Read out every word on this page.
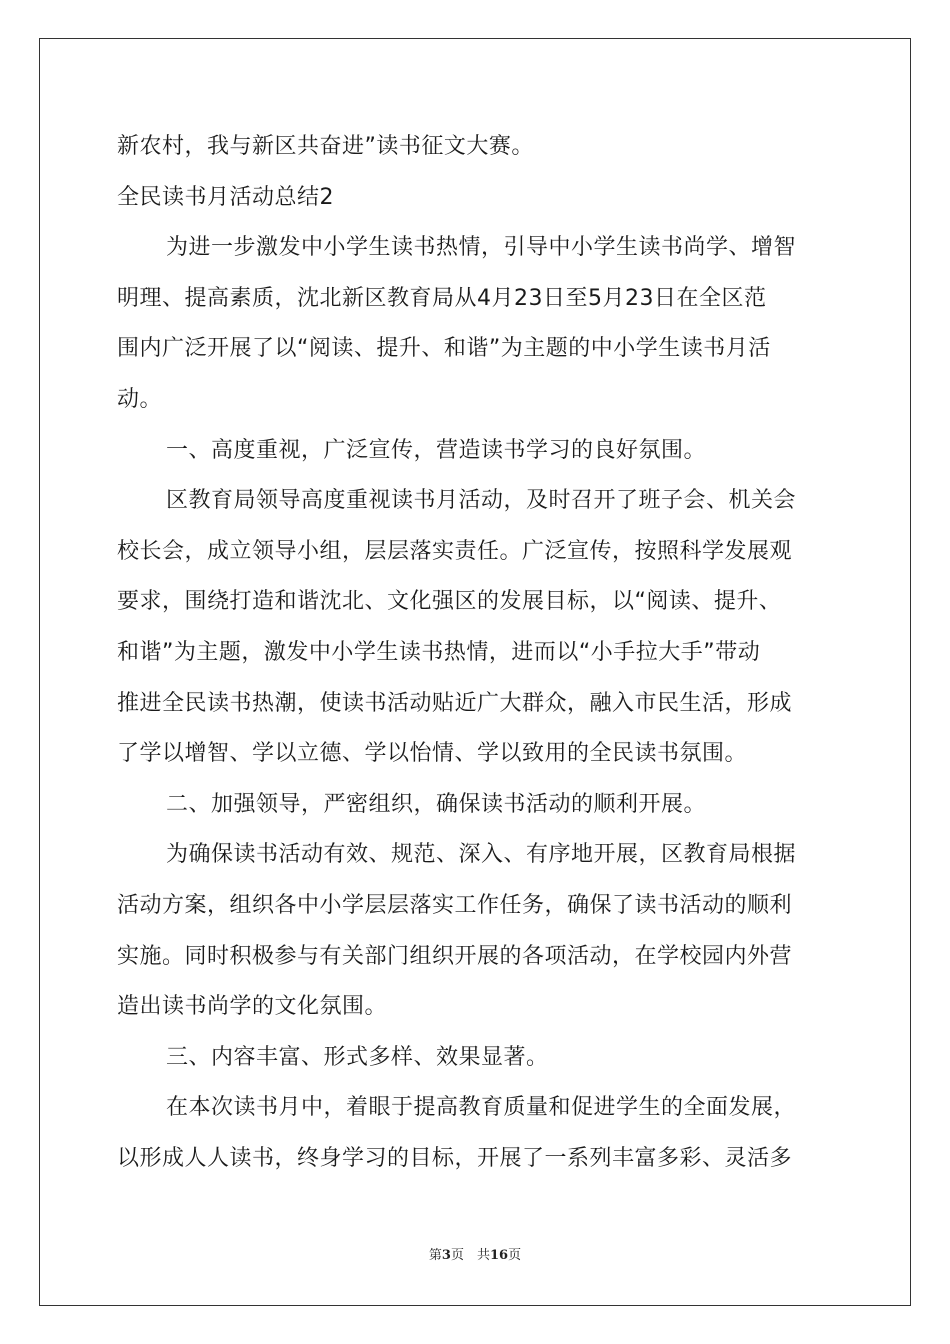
新农村，我与新区共奋进”读书征文大赛。
全民读书月活动总结2
为进一步激发中小学生读书热情，引导中小学生读书尚学、增智
明理、提高素质，沈北新区教育局从4月23日至5月23日在全区范
围内广泛开展了以“阅读、提升、和谐”为主题的中小学生读书月活
动。
一、高度重视，广泛宣传，营造读书学习的良好氛围。
区教育局领导高度重视读书月活动，及时召开了班子会、机关会
校长会，成立领导小组，层层落实责任。广泛宣传，按照科学发展观
要求，围绕打造和谐沈北、文化强区的发展目标，以“阅读、提升、
和谐”为主题，激发中小学生读书热情，进而以“小手拉大手”带动
推进全民读书热潮，使读书活动贴近广大群众，融入市民生活，形成
了学以增智、学以立德、学以怡情、学以致用的全民读书氛围。
二、加强领导，严密组织，确保读书活动的顺利开展。
为确保读书活动有效、规范、深入、有序地开展，区教育局根据
活动方案，组织各中小学层层落实工作任务，确保了读书活动的顺利
实施。同时积极参与有关部门组织开展的各项活动，在学校园内外营
造出读书尚学的文化氛围。
三、内容丰富、形式多样、效果显著。
在本次读书月中，着眼于提高教育质量和促进学生的全面发展，
以形成人人读书，终身学习的目标，开展了一系列丰富多彩、灵活多
第3页　共16页
